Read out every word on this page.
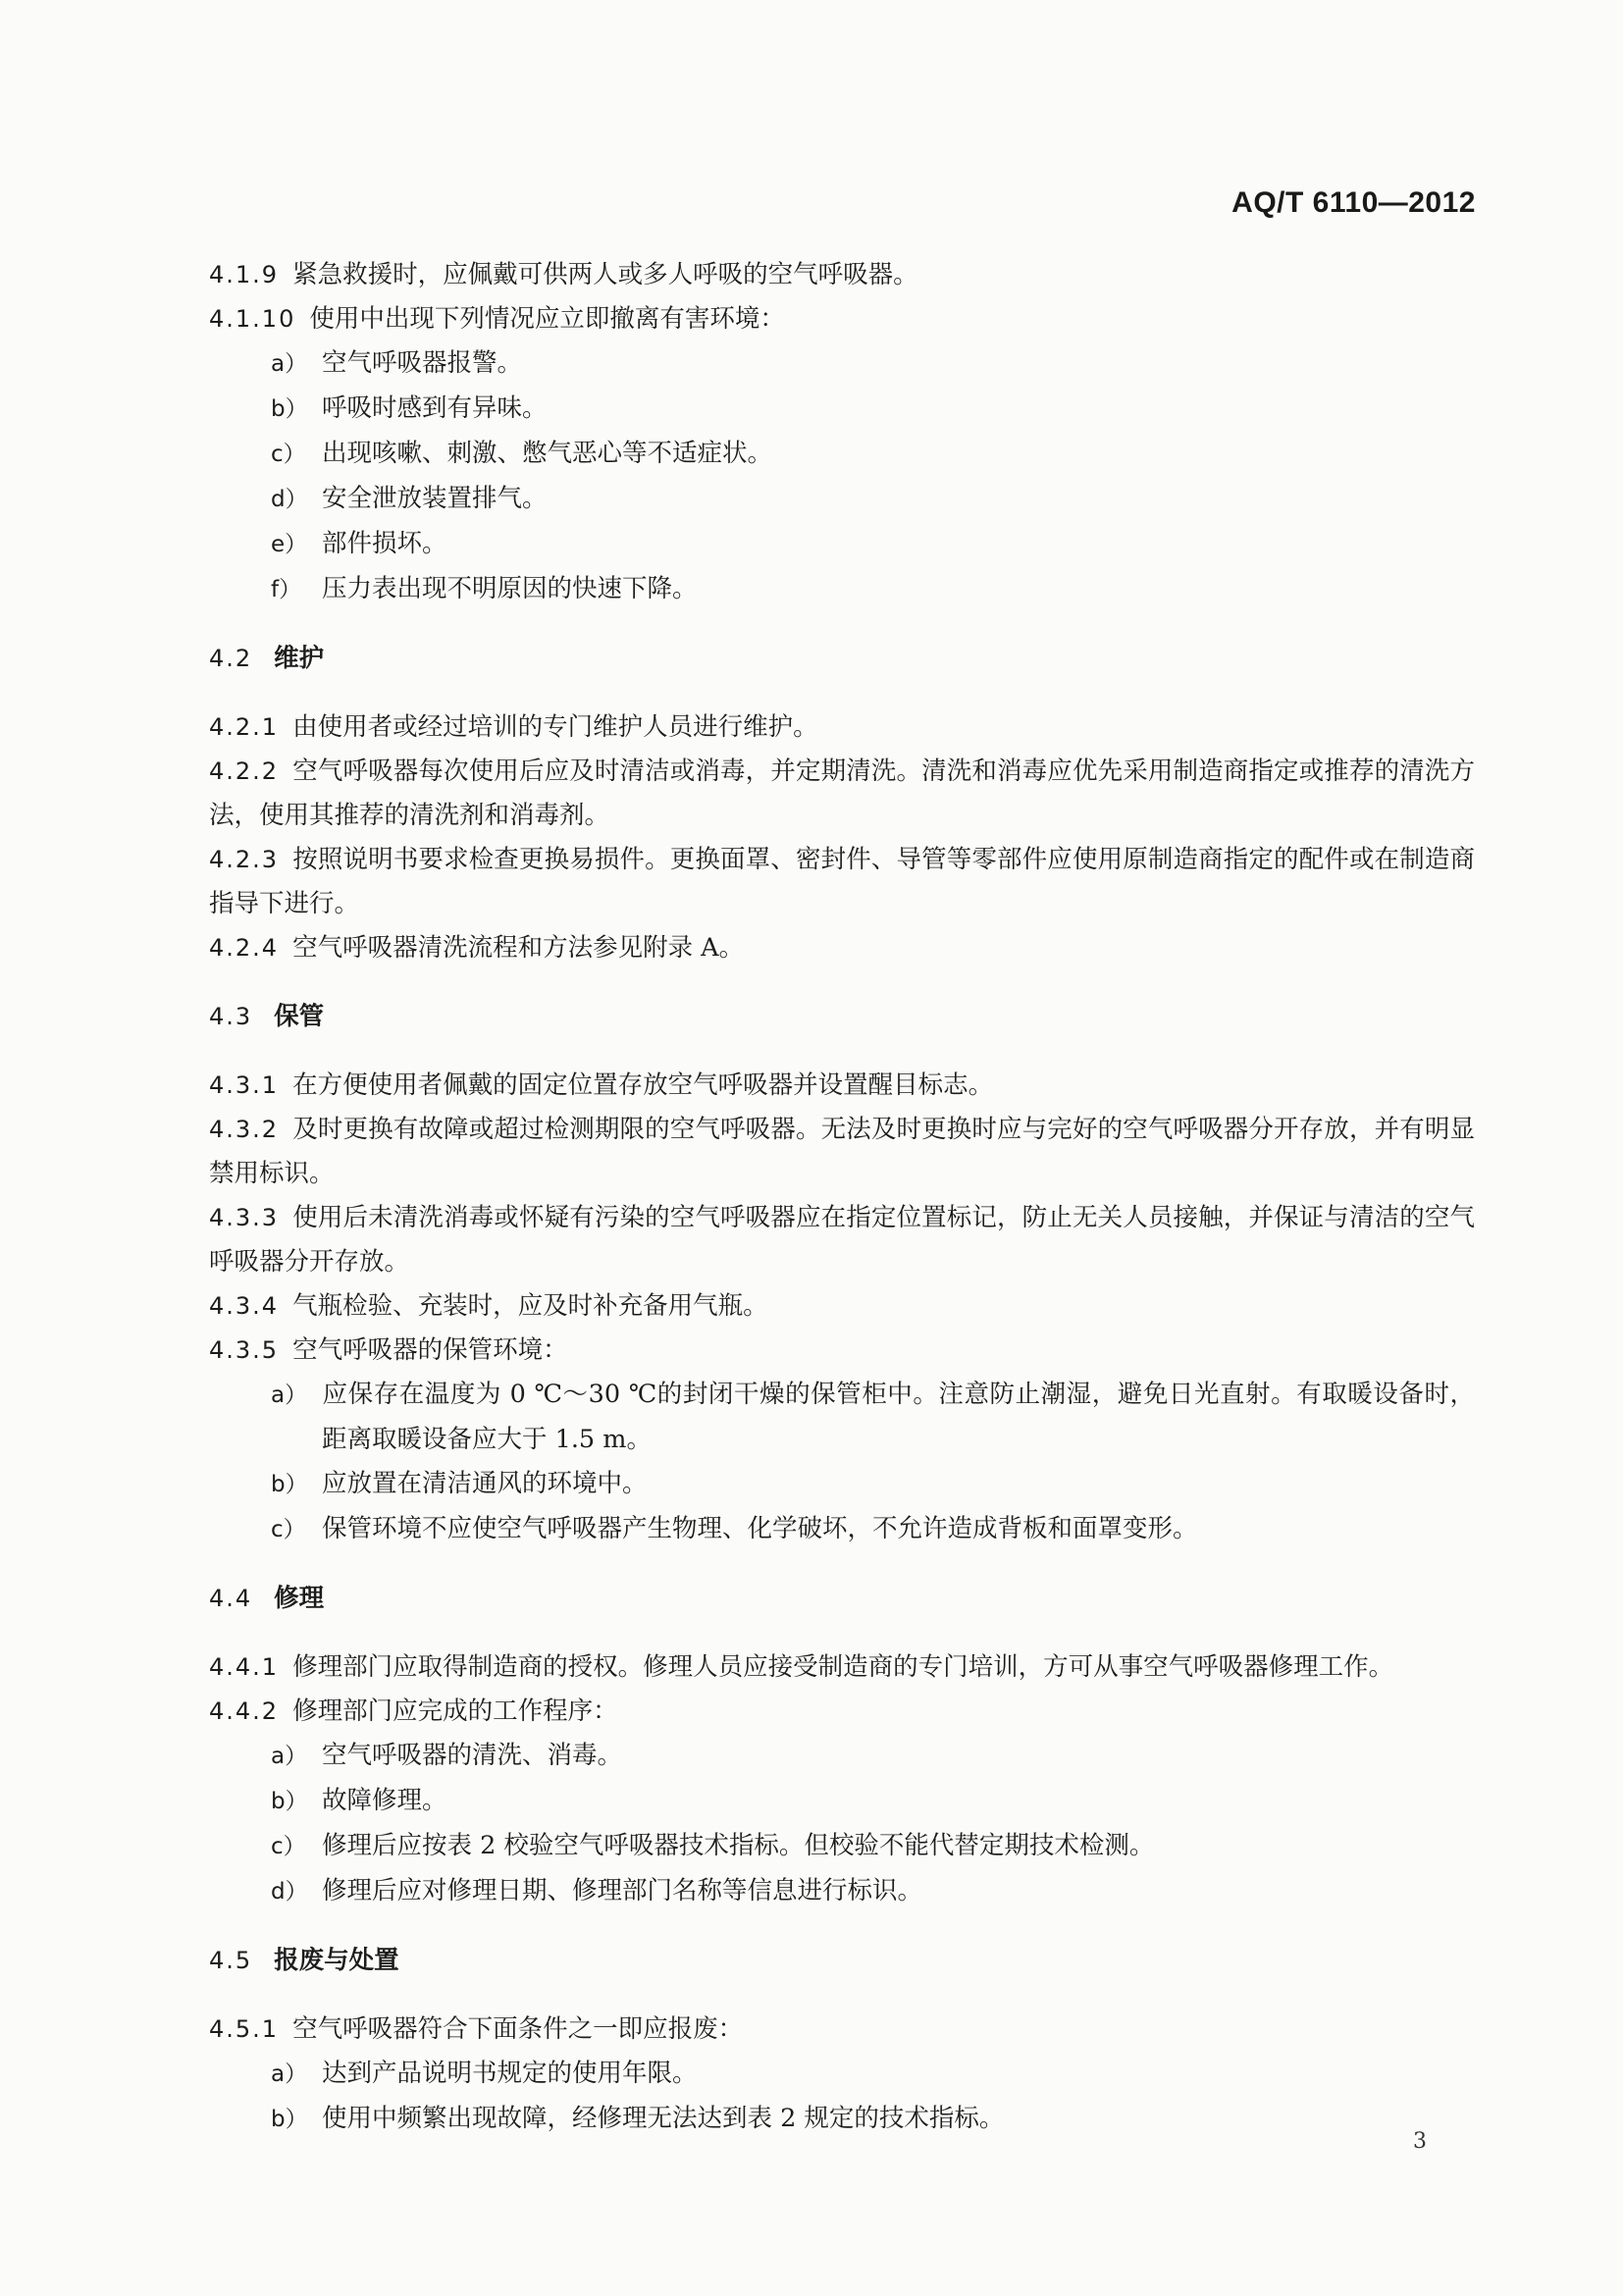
AQ/T 6110—2012

4.1.9 紧急救援时，应佩戴可供两人或多人呼吸的空气呼吸器。

4.1.10 使用中出现下列情况应立即撤离有害环境：

a） 空气呼吸器报警。

b） 呼吸时感到有异味。

c） 出现咳嗽、刺激、憋气恶心等不适症状。

d） 安全泄放装置排气。

e） 部件损坏。

f） 压力表出现不明原因的快速下降。

4.2 维护

4.2.1 由使用者或经过培训的专门维护人员进行维护。

4.2.2 空气呼吸器每次使用后应及时清洁或消毒，并定期清洗。清洗和消毒应优先采用制造商指定或推荐的清洗方法，使用其推荐的清洗剂和消毒剂。

4.2.3 按照说明书要求检查更换易损件。更换面罩、密封件、导管等零部件应使用原制造商指定的配件或在制造商指导下进行。

4.2.4 空气呼吸器清洗流程和方法参见附录 A。

4.3 保管

4.3.1 在方便使用者佩戴的固定位置存放空气呼吸器并设置醒目标志。

4.3.2 及时更换有故障或超过检测期限的空气呼吸器。无法及时更换时应与完好的空气呼吸器分开存放，并有明显禁用标识。

4.3.3 使用后未清洗消毒或怀疑有污染的空气呼吸器应在指定位置标记，防止无关人员接触，并保证与清洁的空气呼吸器分开存放。

4.3.4 气瓶检验、充装时，应及时补充备用气瓶。

4.3.5 空气呼吸器的保管环境：

a） 应保存在温度为 0 ℃～30 ℃的封闭干燥的保管柜中。注意防止潮湿，避免日光直射。有取暖设备时，距离取暖设备应大于 1.5 m。

b） 应放置在清洁通风的环境中。

c） 保管环境不应使空气呼吸器产生物理、化学破坏，不允许造成背板和面罩变形。

4.4 修理

4.4.1 修理部门应取得制造商的授权。修理人员应接受制造商的专门培训，方可从事空气呼吸器修理工作。

4.4.2 修理部门应完成的工作程序：

a） 空气呼吸器的清洗、消毒。

b） 故障修理。

c） 修理后应按表 2 校验空气呼吸器技术指标。但校验不能代替定期技术检测。

d） 修理后应对修理日期、修理部门名称等信息进行标识。

4.5 报废与处置

4.5.1 空气呼吸器符合下面条件之一即应报废：

a） 达到产品说明书规定的使用年限。

b） 使用中频繁出现故障，经修理无法达到表 2 规定的技术指标。

3
